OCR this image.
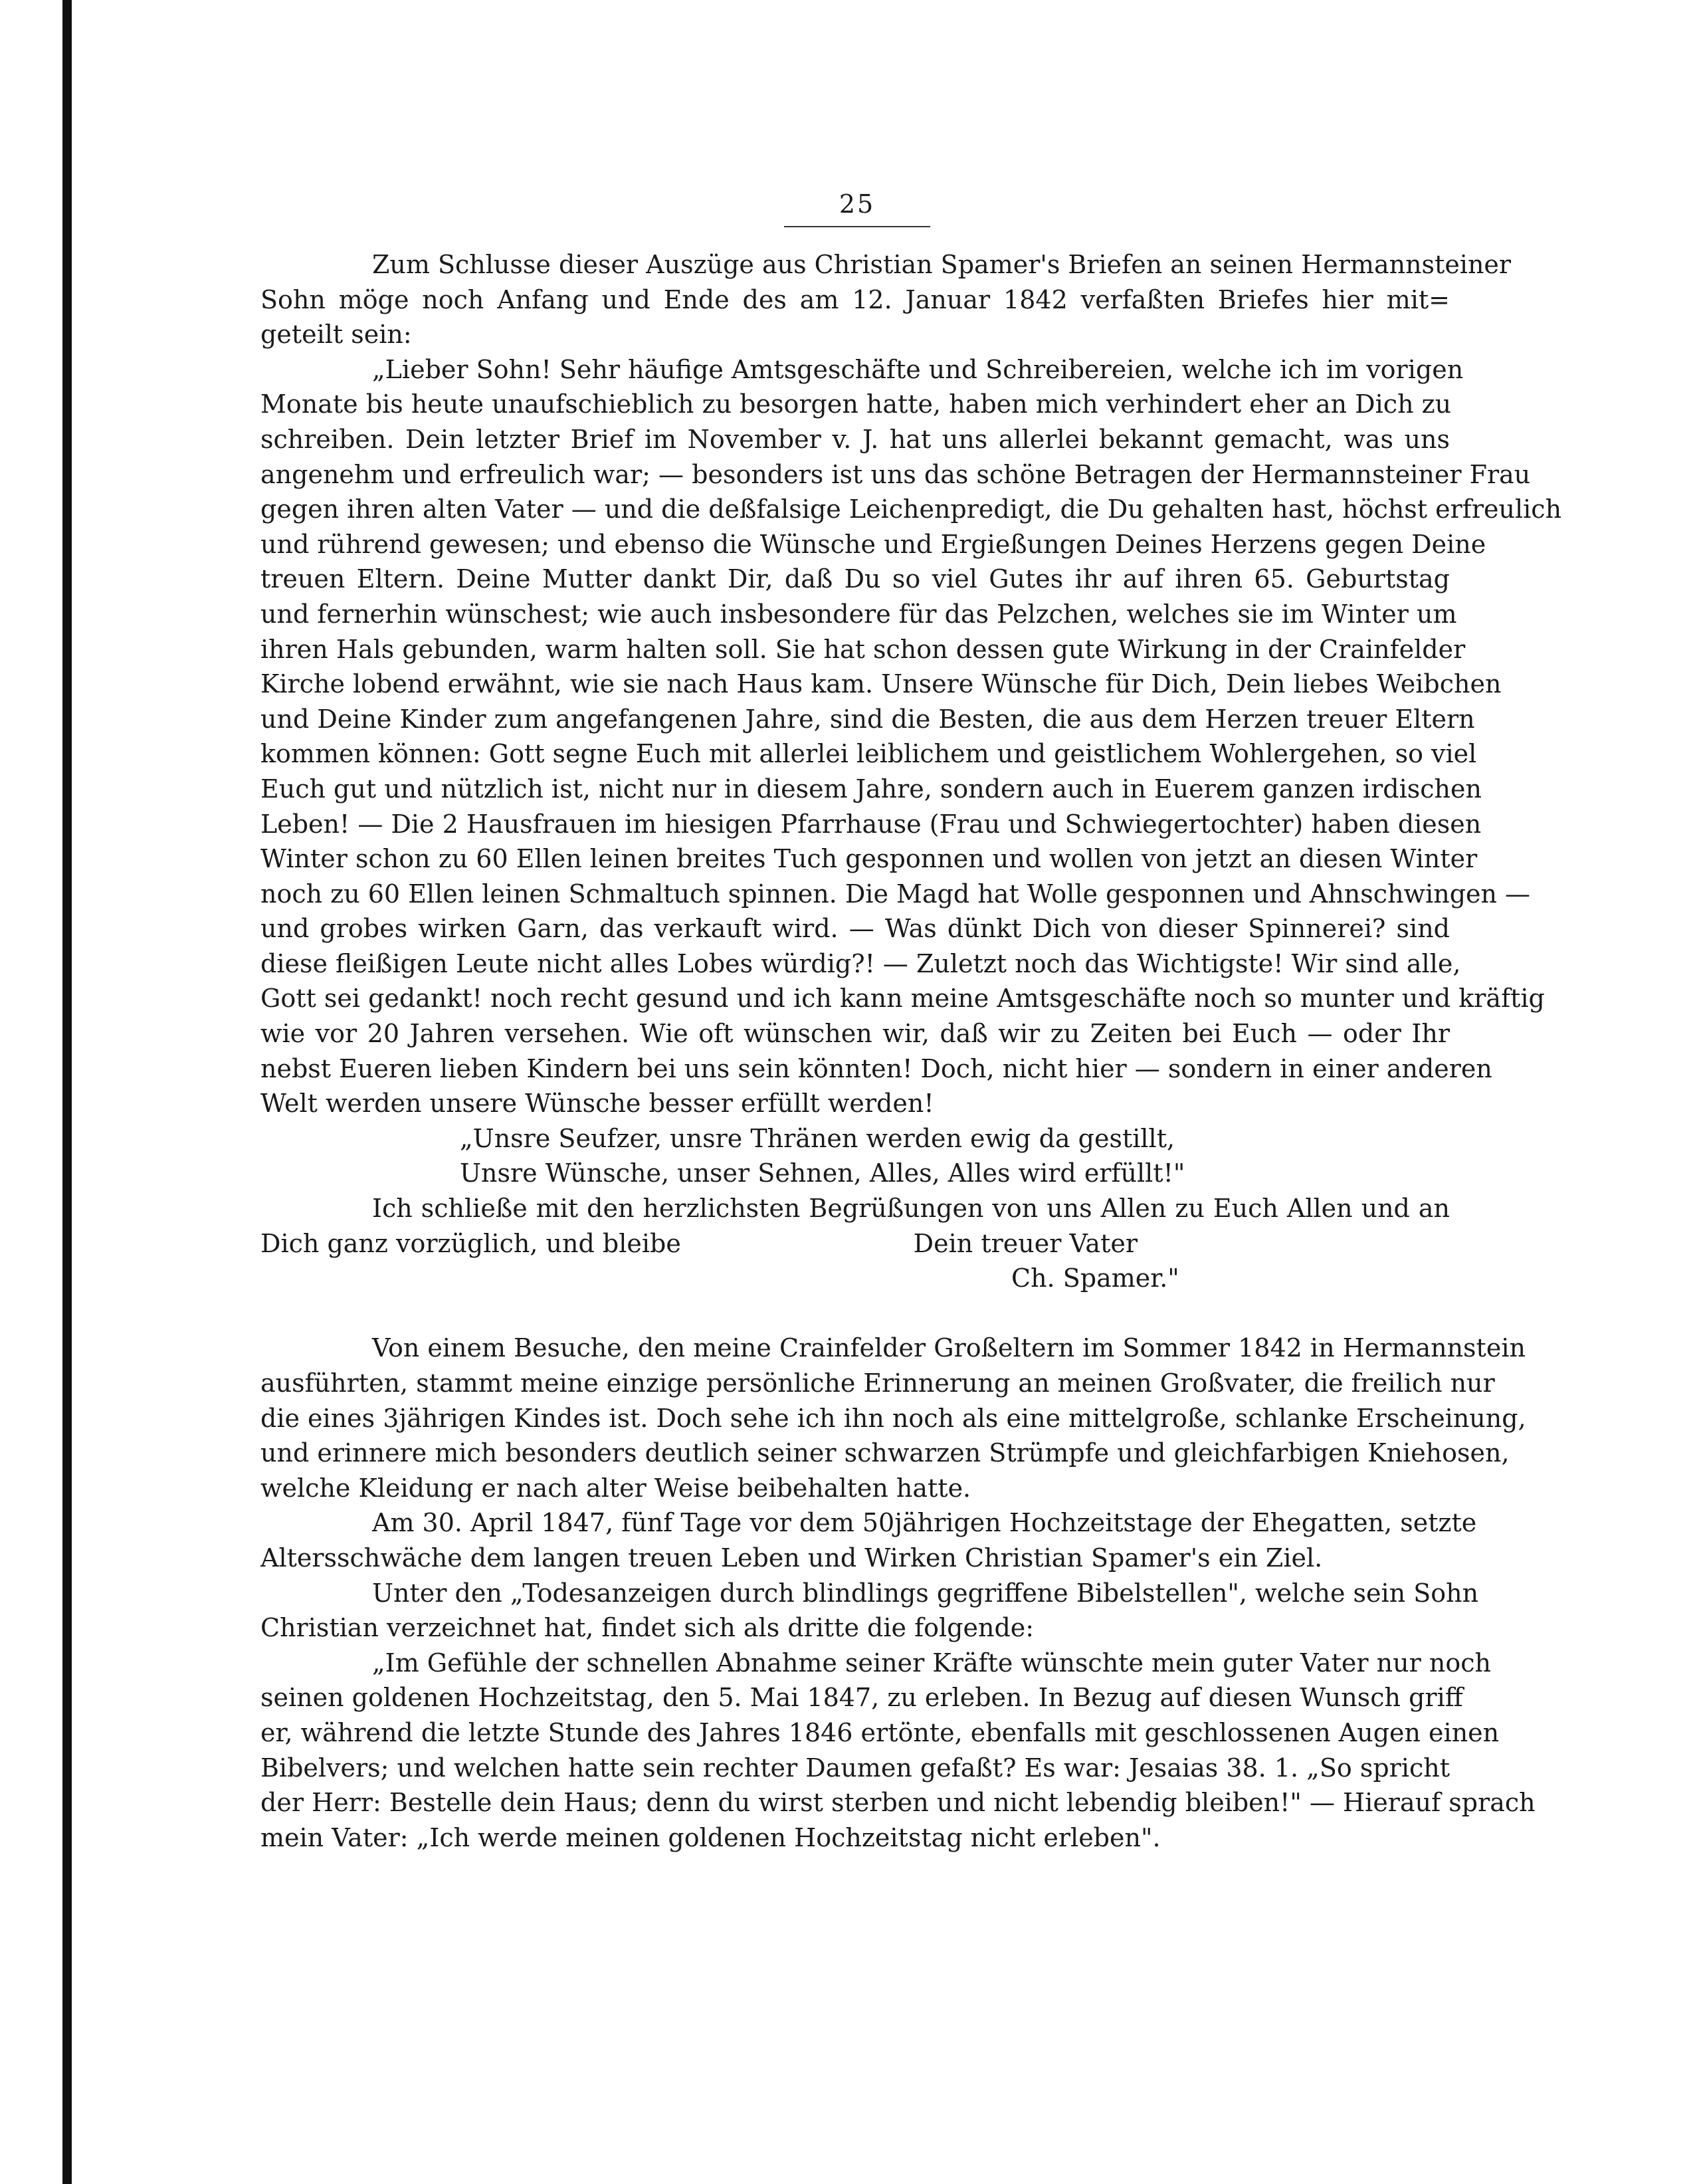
25
Zum Schlusse dieser Auszüge aus Christian Spamer's Briefen an seinen Hermannsteiner
Sohn möge noch Anfang und Ende des am 12. Januar 1842 verfaßten Briefes hier mit=
geteilt sein:
„Lieber Sohn! Sehr häufige Amtsgeschäfte und Schreibereien, welche ich im vorigen
Monate bis heute unaufschieblich zu besorgen hatte, haben mich verhindert eher an Dich zu
schreiben. Dein letzter Brief im November v. J. hat uns allerlei bekannt gemacht, was uns
angenehm und erfreulich war; — besonders ist uns das schöne Betragen der Hermannsteiner Frau
gegen ihren alten Vater — und die deßfalsige Leichenpredigt, die Du gehalten hast, höchst erfreulich
und rührend gewesen; und ebenso die Wünsche und Ergießungen Deines Herzens gegen Deine
treuen Eltern. Deine Mutter dankt Dir, daß Du so viel Gutes ihr auf ihren 65. Geburtstag
und fernerhin wünschest; wie auch insbesondere für das Pelzchen, welches sie im Winter um
ihren Hals gebunden, warm halten soll. Sie hat schon dessen gute Wirkung in der Crainfelder
Kirche lobend erwähnt, wie sie nach Haus kam. Unsere Wünsche für Dich, Dein liebes Weibchen
und Deine Kinder zum angefangenen Jahre, sind die Besten, die aus dem Herzen treuer Eltern
kommen können: Gott segne Euch mit allerlei leiblichem und geistlichem Wohlergehen, so viel
Euch gut und nützlich ist, nicht nur in diesem Jahre, sondern auch in Euerem ganzen irdischen
Leben! — Die 2 Hausfrauen im hiesigen Pfarrhause (Frau und Schwiegertochter) haben diesen
Winter schon zu 60 Ellen leinen breites Tuch gesponnen und wollen von jetzt an diesen Winter
noch zu 60 Ellen leinen Schmaltuch spinnen. Die Magd hat Wolle gesponnen und Ahnschwingen —
und grobes wirken Garn, das verkauft wird. — Was dünkt Dich von dieser Spinnerei? sind
diese fleißigen Leute nicht alles Lobes würdig?! — Zuletzt noch das Wichtigste! Wir sind alle,
Gott sei gedankt! noch recht gesund und ich kann meine Amtsgeschäfte noch so munter und kräftig
wie vor 20 Jahren versehen. Wie oft wünschen wir, daß wir zu Zeiten bei Euch — oder Ihr
nebst Eueren lieben Kindern bei uns sein könnten! Doch, nicht hier — sondern in einer anderen
Welt werden unsere Wünsche besser erfüllt werden!
„Unsre Seufzer, unsre Thränen werden ewig da gestillt,
Unsre Wünsche, unser Sehnen, Alles, Alles wird erfüllt!"
Ich schließe mit den herzlichsten Begrüßungen von uns Allen zu Euch Allen und an
Dich ganz vorzüglich, und bleibe	Dein treuer Vater
Ch. Spamer."
Von einem Besuche, den meine Crainfelder Großeltern im Sommer 1842 in Hermannstein
ausführten, stammt meine einzige persönliche Erinnerung an meinen Großvater, die freilich nur
die eines 3jährigen Kindes ist. Doch sehe ich ihn noch als eine mittelgroße, schlanke Erscheinung,
und erinnere mich besonders deutlich seiner schwarzen Strümpfe und gleichfarbigen Kniehosen,
welche Kleidung er nach alter Weise beibehalten hatte.
Am 30. April 1847, fünf Tage vor dem 50jährigen Hochzeitstage der Ehegatten, setzte
Altersschwäche dem langen treuen Leben und Wirken Christian Spamer's ein Ziel.
Unter den „Todesanzeigen durch blindlings gegriffene Bibelstellen", welche sein Sohn
Christian verzeichnet hat, findet sich als dritte die folgende:
„Im Gefühle der schnellen Abnahme seiner Kräfte wünschte mein guter Vater nur noch
seinen goldenen Hochzeitstag, den 5. Mai 1847, zu erleben. In Bezug auf diesen Wunsch griff
er, während die letzte Stunde des Jahres 1846 ertönte, ebenfalls mit geschlossenen Augen einen
Bibelvers; und welchen hatte sein rechter Daumen gefaßt? Es war: Jesaias 38. 1. „So spricht
der Herr: Bestelle dein Haus; denn du wirst sterben und nicht lebendig bleiben!" — Hierauf sprach
mein Vater: „Ich werde meinen goldenen Hochzeitstag nicht erleben".
